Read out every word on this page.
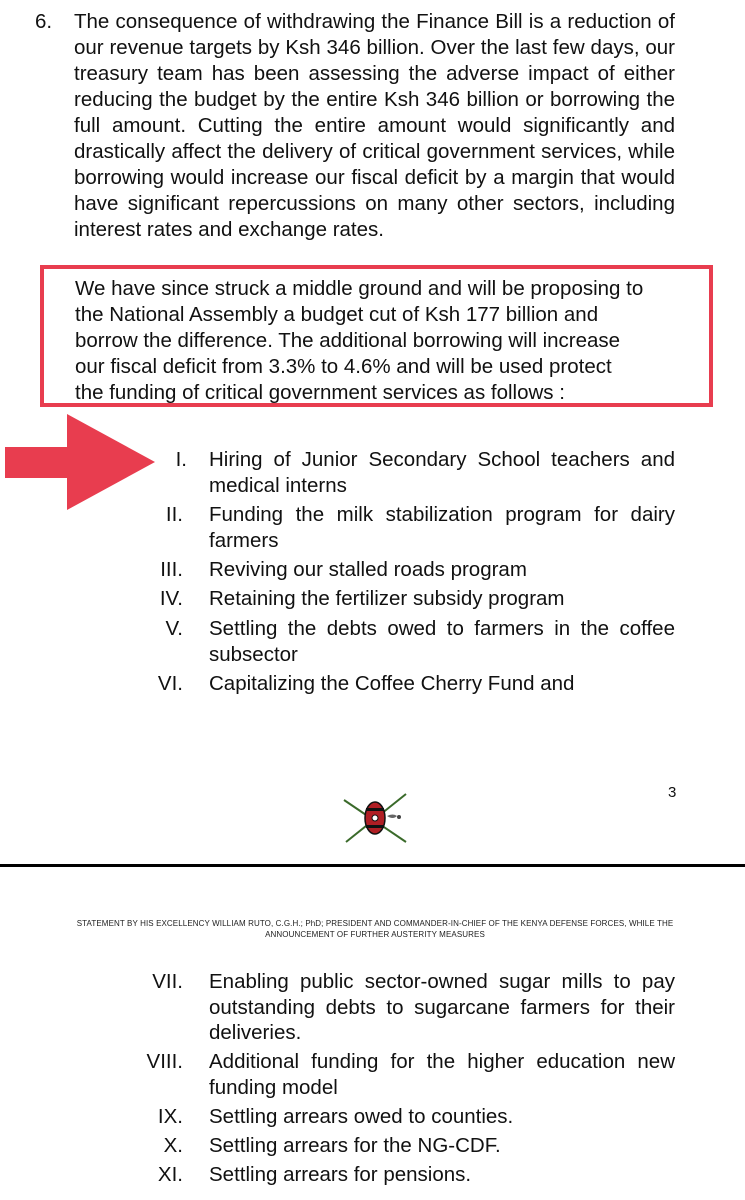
6. The consequence of withdrawing the Finance Bill is a reduction of our revenue targets by Ksh 346 billion. Over the last few days, our treasury team has been assessing the adverse impact of either reducing the budget by the entire Ksh 346 billion or borrowing the full amount. Cutting the entire amount would significantly and drastically affect the delivery of critical government services, while borrowing would increase our fiscal deficit by a margin that would have significant repercussions on many other sectors, including interest rates and exchange rates.
We have since struck a middle ground and will be proposing to
the National Assembly a budget cut of Ksh 177 billion and
borrow the difference. The additional borrowing will increase
our fiscal deficit from 3.3% to 4.6% and will be used protect
the funding of critical government services as follows :
I. Hiring of Junior Secondary School teachers and medical interns
II. Funding the milk stabilization program for dairy farmers
III. Reviving our stalled roads program
IV. Retaining the fertilizer subsidy program
V. Settling the debts owed to farmers in the coffee subsector
VI. Capitalizing the Coffee Cherry Fund and
3
STATEMENT BY HIS EXCELLENCY WILLIAM RUTO, C.G.H.; PhD; PRESIDENT AND COMMANDER-IN-CHIEF OF THE KENYA DEFENSE FORCES, WHILE THE ANNOUNCEMENT OF FURTHER AUSTERITY MEASURES
VII. Enabling public sector-owned sugar mills to pay outstanding debts to sugarcane farmers for their deliveries.
VIII. Additional funding for the higher education new funding model
IX. Settling arrears owed to counties.
X. Settling arrears for the NG-CDF.
XI. Settling arrears for pensions.
